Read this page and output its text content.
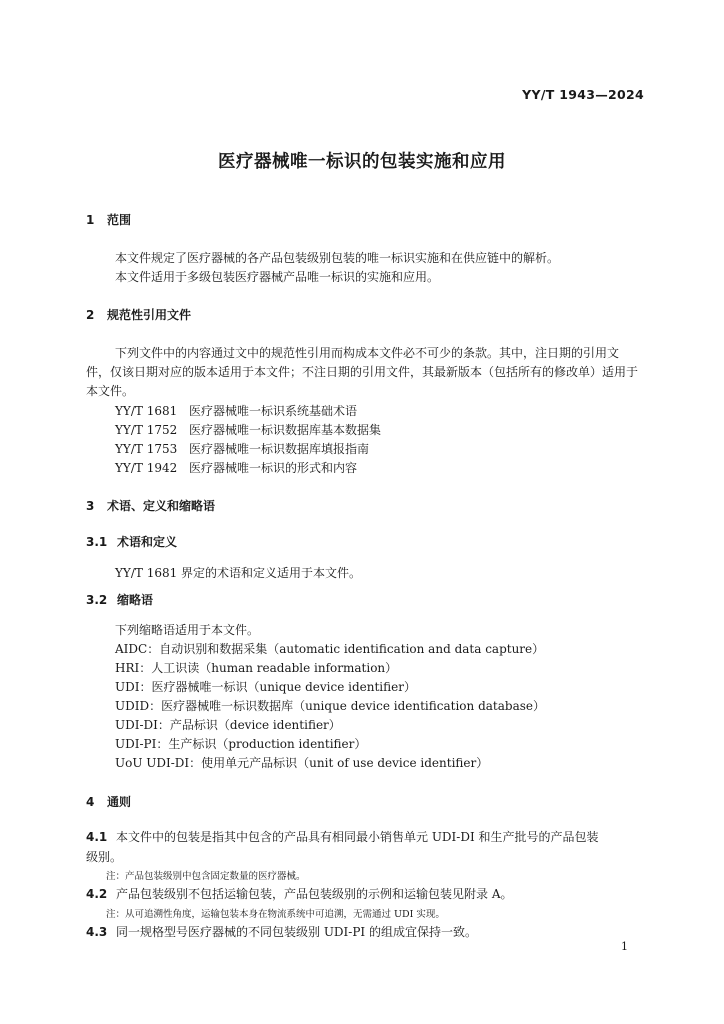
YY/T 1943—2024
医疗器械唯一标识的包装实施和应用
1 范围
本文件规定了医疗器械的各产品包装级别包装的唯一标识实施和在供应链中的解析。
本文件适用于多级包装医疗器械产品唯一标识的实施和应用。
2 规范性引用文件
下列文件中的内容通过文中的规范性引用而构成本文件必不可少的条款。其中，注日期的引用文
件，仅该日期对应的版本适用于本文件；不注日期的引用文件，其最新版本（包括所有的修改单）适用于
本文件。
YY/T 1681 医疗器械唯一标识系统基础术语
YY/T 1752 医疗器械唯一标识数据库基本数据集
YY/T 1753 医疗器械唯一标识数据库填报指南
YY/T 1942 医疗器械唯一标识的形式和内容
3 术语、定义和缩略语
3.1 术语和定义
YY/T 1681 界定的术语和定义适用于本文件。
3.2 缩略语
下列缩略语适用于本文件。
AIDC：自动识别和数据采集（automatic identification and data capture）
HRI：人工识读（human readable information）
UDI：医疗器械唯一标识（unique device identifier）
UDID：医疗器械唯一标识数据库（unique device identification database）
UDI-DI：产品标识（device identifier）
UDI-PI：生产标识（production identifier）
UoU UDI-DI：使用单元产品标识（unit of use device identifier）
4 通则
4.1 本文件中的包装是指其中包含的产品具有相同最小销售单元 UDI-DI 和生产批号的产品包装
级别。
注：产品包装级别中包含固定数量的医疗器械。
4.2 产品包装级别不包括运输包装，产品包装级别的示例和运输包装见附录 A。
注：从可追溯性角度，运输包装本身在物流系统中可追溯，无需通过 UDI 实现。
4.3 同一规格型号医疗器械的不同包装级别 UDI-PI 的组成宜保持一致。
1
